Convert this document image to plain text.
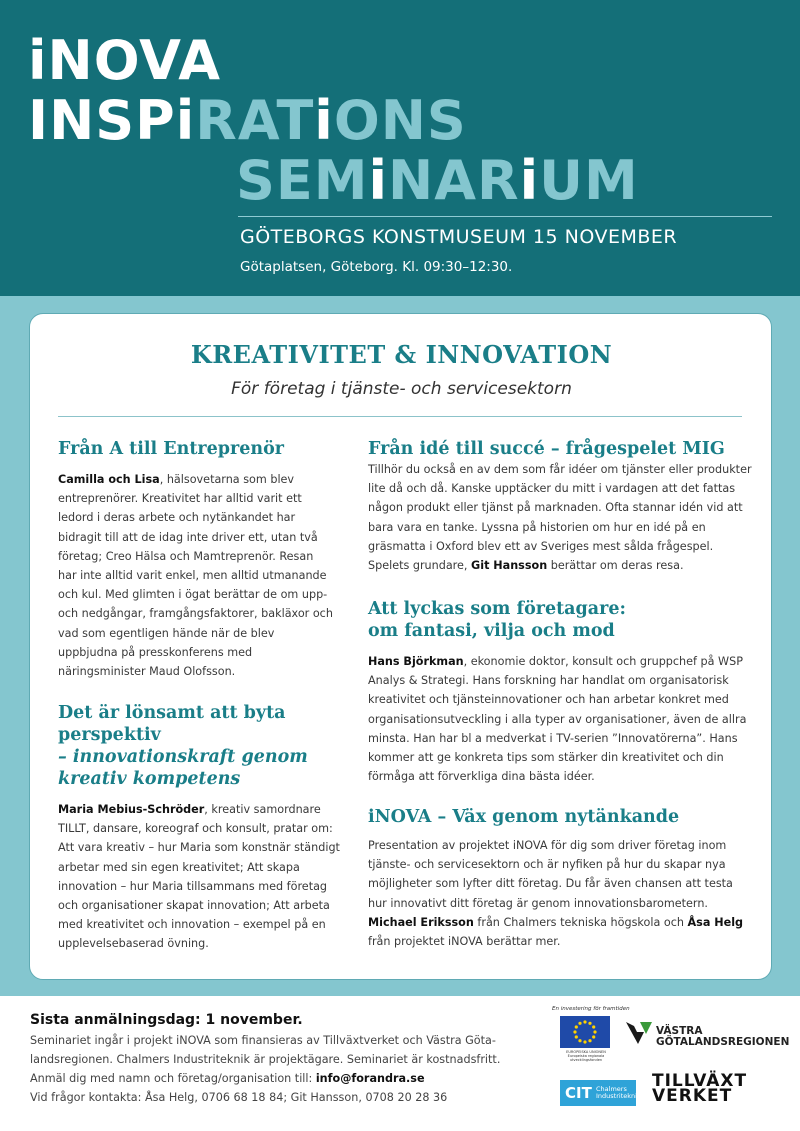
iNOVA
INSPiRATiONS
SEMiNARiUM
GÖTEBORGS KONSTMUSEUM 15 NOVEMBER
Götaplatsen, Göteborg. Kl. 09:30–12:30.
KREATIVITET & INNOVATION
För företag i tjänste- och servicesektorn
Från A till Entreprenör
Camilla och Lisa, hälsovetarna som blev entreprenörer. Kreativitet har alltid varit ett ledord i deras arbete och nytänkandet har bidragit till att de idag inte driver ett, utan två företag; Creo Hälsa och Mamtreprenör. Resan har inte alltid varit enkel, men alltid utmanande och kul. Med glimten i ögat berättar de om upp- och nedgångar, framgångsfaktorer, bakläxor och vad som egentligen hände när de blev uppbjudna på presskonferens med näringsminister Maud Olofsson.
Det är lönsamt att byta
perspektiv
– innovationskraft genom
kreativ kompetens
Maria Mebius-Schröder, kreativ samordnare TILLT, dansare, koreograf och konsult, pratar om: Att vara kreativ – hur Maria som konstnär ständigt arbetar med sin egen kreativitet; Att skapa innovation – hur Maria tillsammans med företag och organisationer skapat innovation; Att arbeta med kreativitet och innovation – exempel på en upplevelsebaserad övning.
Från idé till succé – frågespelet MIG
Tillhör du också en av dem som får idéer om tjänster eller produkter lite då och då. Kanske upptäcker du mitt i vardagen att det fattas någon produkt eller tjänst på marknaden. Ofta stannar idén vid att bara vara en tanke. Lyssna på historien om hur en idé på en gräsmatta i Oxford blev ett av Sveriges mest sålda frågespel. Spelets grundare, Git Hansson berättar om deras resa.
Att lyckas som företagare:
om fantasi, vilja och mod
Hans Björkman, ekonomie doktor, konsult och gruppchef på WSP Analys & Strategi. Hans forskning har handlat om organisatorisk kreativitet och tjänsteinnovationer och han arbetar konkret med organisationsutveckling i alla typer av organisationer, även de allra minsta. Han har bl a medverkat i TV-serien ”Innovatörerna”. Hans kommer att ge konkreta tips som stärker din kreativitet och din förmåga att förverkliga dina bästa idéer.
iNOVA – Väx genom nytänkande
Presentation av projektet iNOVA för dig som driver företag inom tjänste- och servicesektorn och är nyfiken på hur du skapar nya möjligheter som lyfter ditt företag. Du får även chansen att testa hur innovativt ditt företag är genom innovationsbarometern. Michael Eriksson från Chalmers tekniska högskola och Åsa Helg från projektet iNOVA berättar mer.
Sista anmälningsdag: 1 november.
Seminariet ingår i projekt iNOVA som finansieras av Tillväxtverket och Västra Göta-
landsregionen. Chalmers Industriteknik är projektägare. Seminariet är kostnadsfritt.
Anmäl dig med namn och företag/organisation till: info@forandra.se
Vid frågor kontakta: Åsa Helg, 0706 68 18 84; Git Hansson, 0708 20 28 36
En investering för framtiden
EUROPEISKA UNIONEN Europeiska regionala utvecklingsfonden
VÄSTRA
GÖTALANDSREGIONEN
CIT Chalmers
Industriteknik
TILLVÄXT
VERKET
